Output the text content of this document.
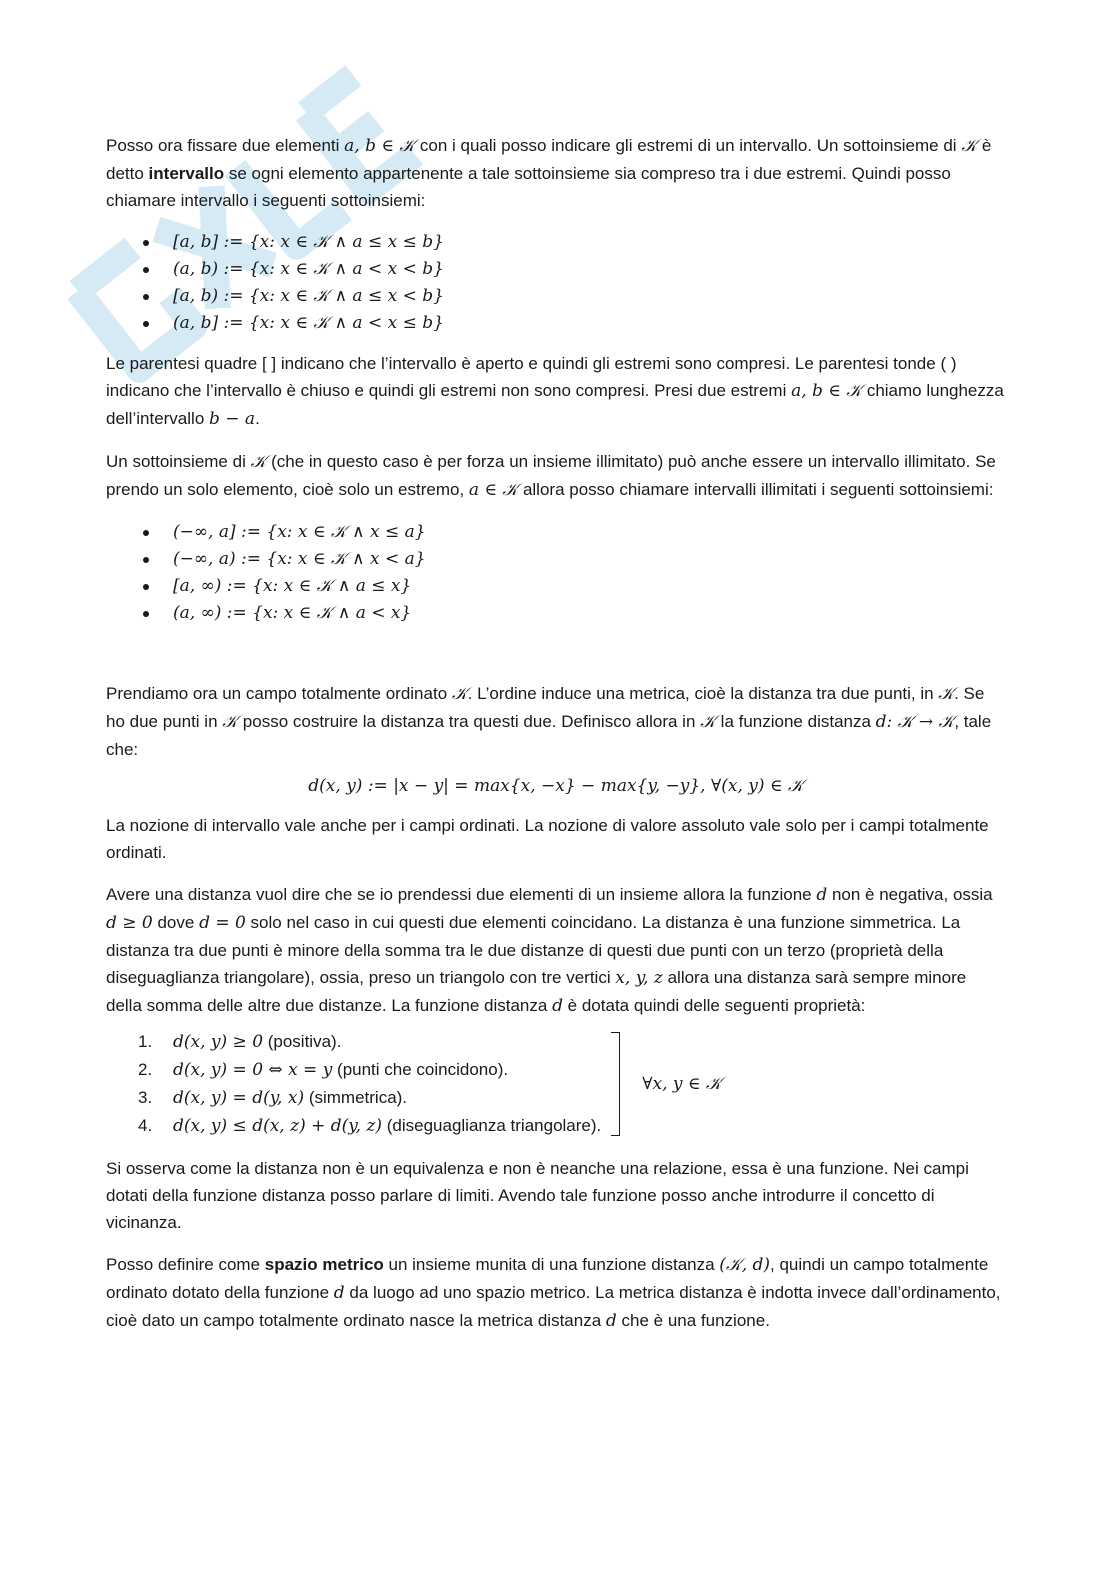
Posso ora fissare due elementi a, b ∈ 𝒦 con i quali posso indicare gli estremi di un intervallo. Un sottoinsieme di 𝒦 è detto intervallo se ogni elemento appartenente a tale sottoinsieme sia compreso tra i due estremi. Quindi posso chiamare intervallo i seguenti sottoinsiemi:

[a, b] := {x: x ∈ 𝒦 ∧ a ≤ x ≤ b}
(a, b) := {x: x ∈ 𝒦 ∧ a < x < b}
[a, b) := {x: x ∈ 𝒦 ∧ a ≤ x < b}
(a, b] := {x: x ∈ 𝒦 ∧ a < x ≤ b}

Le parentesi quadre [ ] indicano che l’intervallo è aperto e quindi gli estremi sono compresi. Le parentesi tonde ( ) indicano che l’intervallo è chiuso e quindi gli estremi non sono compresi. Presi due estremi a, b ∈ 𝒦 chiamo lunghezza dell’intervallo b − a.

Un sottoinsieme di 𝒦 (che in questo caso è per forza un insieme illimitato) può anche essere un intervallo illimitato. Se prendo un solo elemento, cioè solo un estremo, a ∈ 𝒦 allora posso chiamare intervalli illimitati i seguenti sottoinsiemi:

(−∞, a] := {x: x ∈ 𝒦 ∧ x ≤ a}
(−∞, a) := {x: x ∈ 𝒦 ∧ x < a}
[a, ∞) := {x: x ∈ 𝒦 ∧ a ≤ x}
(a, ∞) := {x: x ∈ 𝒦 ∧ a < x}

Prendiamo ora un campo totalmente ordinato 𝒦. L’ordine induce una metrica, cioè la distanza tra due punti, in 𝒦. Se ho due punti in 𝒦 posso costruire la distanza tra questi due. Definisco allora in 𝒦 la funzione distanza d: 𝒦 → 𝒦, tale che:

d(x, y) := |x − y| = max{x, −x} − max{y, −y}, ∀(x, y) ∈ 𝒦

La nozione di intervallo vale anche per i campi ordinati. La nozione di valore assoluto vale solo per i campi totalmente ordinati.

Avere una distanza vuol dire che se io prendessi due elementi di un insieme allora la funzione d non è negativa, ossia d ≥ 0 dove d = 0 solo nel caso in cui questi due elementi coincidano. La distanza è una funzione simmetrica. La distanza tra due punti è minore della somma tra le due distanze di questi due punti con un terzo (proprietà della diseguaglianza triangolare), ossia, preso un triangolo con tre vertici x, y, z allora una distanza sarà sempre minore della somma delle altre due distanze. La funzione distanza d è dotata quindi delle seguenti proprietà:

1. d(x, y) ≥ 0 (positiva).
2. d(x, y) = 0 ⇔ x = y (punti che coincidono).
3. d(x, y) = d(y, x) (simmetrica).
4. d(x, y) ≤ d(x, z) + d(y, z) (diseguaglianza triangolare).
∀x, y ∈ 𝒦

Si osserva come la distanza non è un equivalenza e non è neanche una relazione, essa è una funzione. Nei campi dotati della funzione distanza posso parlare di limiti. Avendo tale funzione posso anche introdurre il concetto di vicinanza.

Posso definire come spazio metrico un insieme munita di una funzione distanza (𝒦, d), quindi un campo totalmente ordinato dotato della funzione d da luogo ad uno spazio metrico. La metrica distanza è indotta invece dall’ordinamento, cioè dato un campo totalmente ordinato nasce la metrica distanza d che è una funzione.
